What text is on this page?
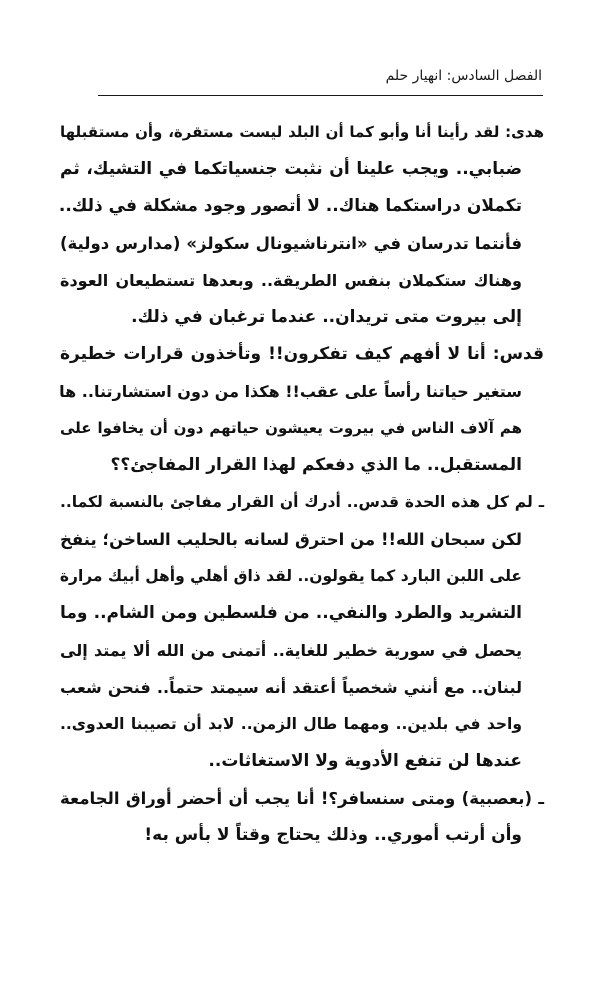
الفصل السادس: انهيار حلم
هدى: لقد رأينا أنا وأبو كما أن البلد ليست مستقرة، وأن مستقبلها
ضبابي.. ويجب علينا أن نثبت جنسياتكما في التشيك، ثم
تكملان دراستكما هناك.. لا أتصور وجود مشكلة في ذلك..
فأنتما تدرسان في «انترناشيونال سكولز» (مدارس دولية)
وهناك ستكملان بنفس الطريقة.. وبعدها تستطيعان العودة
إلى بيروت متى تريدان.. عندما ترغبان في ذلك.
قدس: أنا لا أفهم كيف تفكرون!! وتأخذون قرارات خطيرة
ستغير حياتنا رأساً على عقب!! هكذا من دون استشارتنا.. ها
هم آلاف الناس في بيروت يعيشون حياتهم دون أن يخافوا على
المستقبل.. ما الذي دفعكم لهذا القرار المفاجئ؟؟
ـ لم كل هذه الحدة قدس.. أدرك أن القرار مفاجئ بالنسبة لكما..
لكن سبحان الله!! من احترق لسانه بالحليب الساخن؛ ينفخ
على اللبن البارد كما يقولون.. لقد ذاق أهلي وأهل أبيك مرارة
التشريد والطرد والنفي.. من فلسطين ومن الشام.. وما
يحصل في سورية خطير للغاية.. أتمنى من الله ألا يمتد إلى
لبنان.. مع أنني شخصياً أعتقد أنه سيمتد حتماً.. فنحن شعب
واحد في بلدين.. ومهما طال الزمن.. لابد أن تصيبنا العدوى..
عندها لن تنفع الأدوية ولا الاستغاثات..
ـ (بعصبية) ومتى سنسافر؟! أنا يجب أن أحضر أوراق الجامعة
وأن أرتب أموري.. وذلك يحتاج وقتاً لا بأس به!
